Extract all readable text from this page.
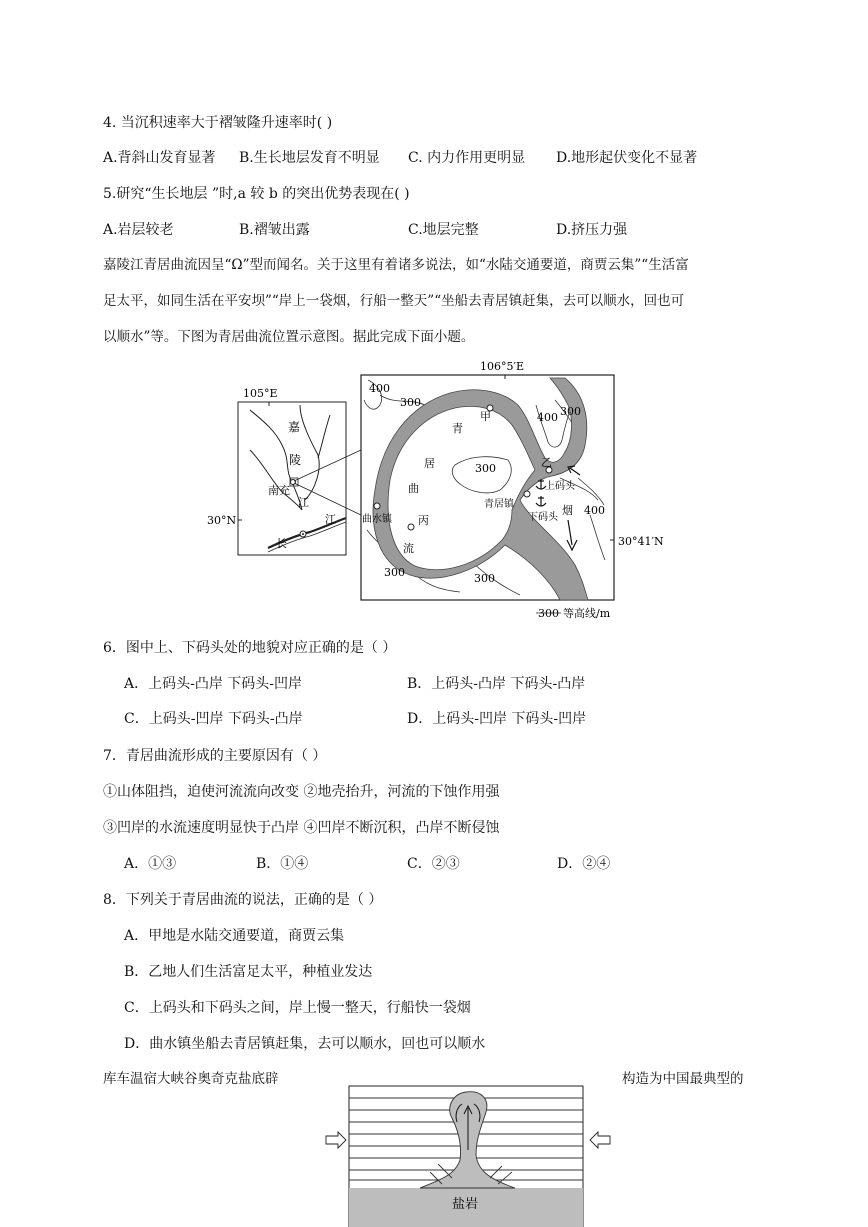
4. 当沉积速率大于褶皱隆升速率时( )
A.背斜山发育显著 B.生长地层发育不明显 C. 内力作用更明显 D.地形起伏变化不显著
5.研究“生长地层 ”时,a 较 b 的突出优势表现在( )
A.岩层较老	B.褶皱出露	C.地层完整	D.挤压力强
嘉陵江青居曲流因呈“Ω”型而闻名。关于这里有着诸多说法，如“水陆交通要道，商贾云集”“生活富
足太平，如同生活在平安坝”“岸上一袋烟，行船一整天”“坐船去青居镇赶集，去可以顺水，回也可
以顺水”等。下图为青居曲流位置示意图。据此完成下面小题。
105°E
30°N
嘉
陵
南充
江
长
江
106°5′E
30°41′N
400
300
300
400
300
400
300	300
甲
乙
丙
曲水镇
青居镇
上码头
下码头
烟
青
居
曲
流
300 等高线/m
6．图中上、下码头处的地貌对应正确的是（ ）
A．上码头-凸岸 下码头-凹岸	B．上码头-凸岸 下码头-凸岸
C．上码头-凹岸 下码头-凸岸	D．上码头-凹岸 下码头-凹岸
7．青居曲流形成的主要原因有（ ）
①山体阻挡，迫使河流流向改变 ②地壳抬升，河流的下蚀作用强
③凹岸的水流速度明显快于凸岸 ④凹岸不断沉积，凸岸不断侵蚀
A．①③	B．①④	C．②③	D．②④
8．下列关于青居曲流的说法，正确的是（ ）
A．甲地是水陆交通要道，商贾云集
B．乙地人们生活富足太平，种植业发达
C．上码头和下码头之间，岸上慢一整天，行船快一袋烟
D．曲水镇坐船去青居镇赶集，去可以顺水，回也可以顺水
库车温宿大峡谷奥奇克盐底辟	构造为中国最典型的
盐岩
